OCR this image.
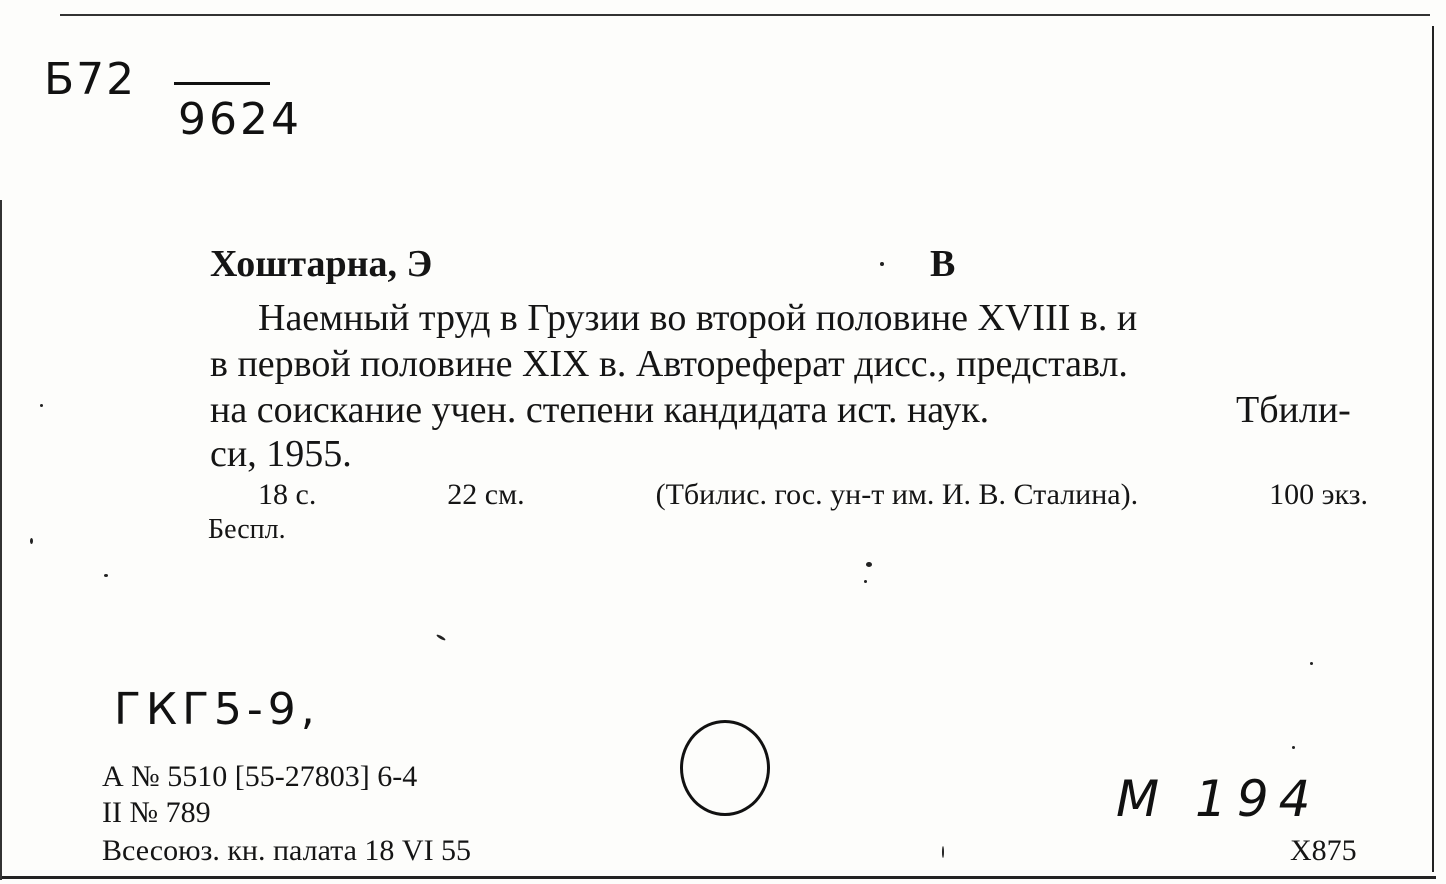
Б72
9624
Хоштарна, Э	В
Наемный труд в Грузии во второй половине XVIII в. и
в первой половине XIX в. Автореферат дисс., представл.
на соискание учен. степени кандидата ист. наук.	Тбили-
си, 1955.
18 с.	22 см.	(Тбилис. гос. ун-т им. И. В. Сталина).	100 экз.
Беспл.
ГКГ5-9,
М 194
А № 5510 [55-27803] 6-4
II № 789
Всесоюз. кн. палата 18 VI 55	Х875
